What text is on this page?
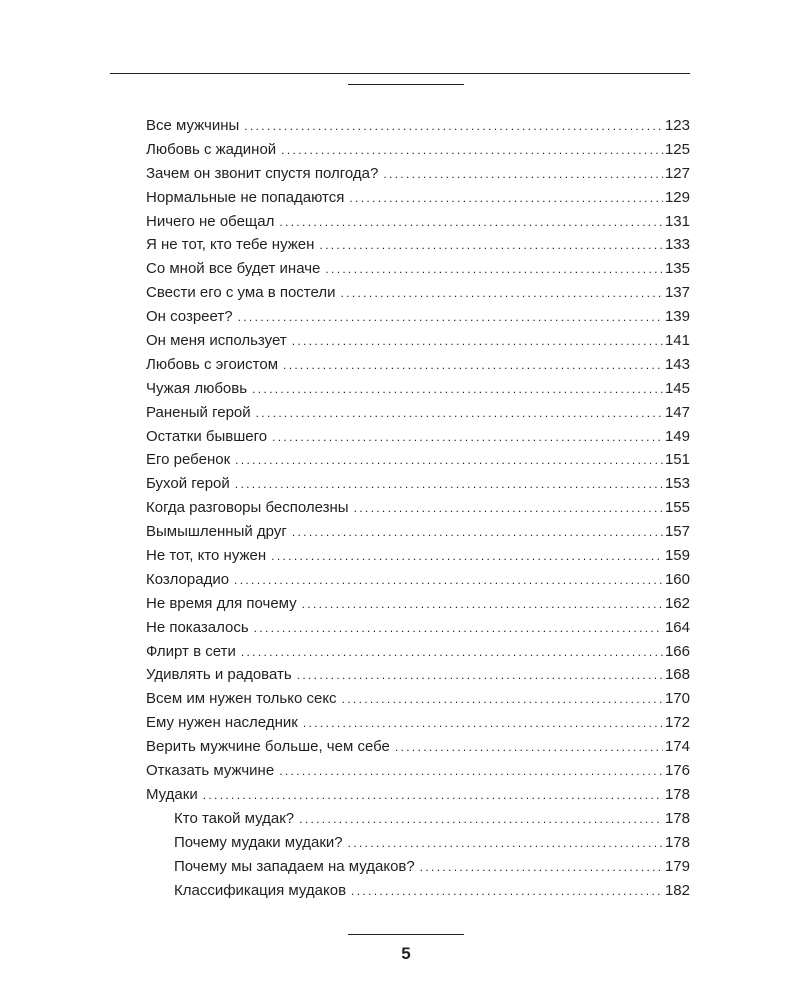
Все мужчины . . .	123
Любовь с жадиной . . .	125
Зачем он звонит спустя полгода? . . .	127
Нормальные не попадаются . . .	129
Ничего не обещал . . .	131
Я не тот, кто тебе нужен . . .	133
Со мной все будет иначе . . .	135
Свести его с ума в постели . . .	137
Он созреет? . . .	139
Он меня использует . . .	141
Любовь с эгоистом . . .	143
Чужая любовь . . .	145
Раненый герой . . .	147
Остатки бывшего . . .	149
Его ребенок . . .	151
Бухой герой . . .	153
Когда разговоры бесполезны . . .	155
Вымышленный друг . . .	157
Не тот, кто нужен . . .	159
Козлорадио . . .	160
Не время для почему . . .	162
Не показалось . . .	164
Флирт в сети . . .	166
Удивлять и радовать . . .	168
Всем им нужен только секс . . .	170
Ему нужен наследник . . .	172
Верить мужчине больше, чем себе . . .	174
Отказать мужчине . . .	176
Мудаки . . .	178
Кто такой мудак? . . .	178
Почему мудаки мудаки? . . .	178
Почему мы западаем на мудаков? . . .	179
Классификация мудаков . . .	182
5
